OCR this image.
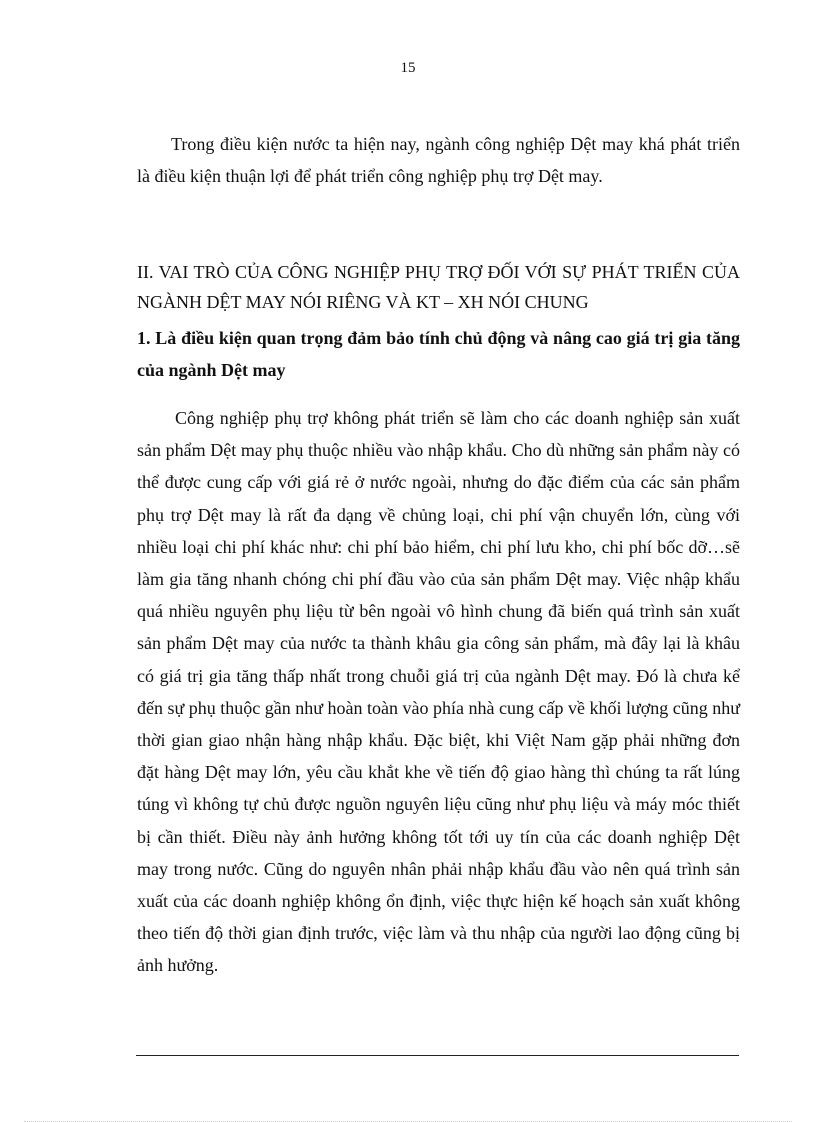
15

Trong điều kiện nước ta hiện nay, ngành công nghiệp Dệt may khá phát triển là điều kiện thuận lợi để phát triển công nghiệp phụ trợ Dệt may.

II. VAI TRÒ CỦA CÔNG NGHIỆP PHỤ TRỢ ĐỐI VỚI SỰ PHÁT TRIỂN CỦA NGÀNH DỆT MAY NÓI RIÊNG VÀ KT – XH NÓI CHUNG

1. Là điều kiện quan trọng đảm bảo tính chủ động và nâng cao giá trị gia tăng của ngành Dệt may

Công nghiệp phụ trợ không phát triển sẽ làm cho các doanh nghiệp sản xuất sản phẩm Dệt may phụ thuộc nhiều vào nhập khẩu. Cho dù những sản phẩm này có thể được cung cấp với giá rẻ ở nước ngoài, nhưng do đặc điểm của các sản phẩm phụ trợ Dệt may là rất đa dạng về chủng loại, chi phí vận chuyển lớn, cùng với nhiều loại chi phí khác như: chi phí bảo hiểm, chi phí lưu kho, chi phí bốc dỡ…sẽ làm gia tăng nhanh chóng chi phí đầu vào của sản phẩm Dệt may. Việc nhập khẩu quá nhiều nguyên phụ liệu từ bên ngoài vô hình chung đã biến quá trình sản xuất sản phẩm Dệt may của nước ta thành khâu gia công sản phẩm, mà đây lại là khâu có giá trị gia tăng thấp nhất trong chuỗi giá trị của ngành Dệt may. Đó là chưa kể đến sự phụ thuộc gần như hoàn toàn vào phía nhà cung cấp về khối lượng cũng như thời gian giao nhận hàng nhập khẩu. Đặc biệt, khi Việt Nam gặp phải những đơn đặt hàng Dệt may lớn, yêu cầu khắt khe về tiến độ giao hàng thì chúng ta rất lúng túng vì không tự chủ được nguồn nguyên liệu cũng như phụ liệu và máy móc thiết bị cần thiết. Điều này ảnh hưởng không tốt tới uy tín của các doanh nghiệp Dệt may trong nước. Cũng do nguyên nhân phải nhập khẩu đầu vào nên quá trình sản xuất của các doanh nghiệp không ổn định, việc thực hiện kế hoạch sản xuất không theo tiến độ thời gian định trước, việc làm và thu nhập của người lao động cũng bị ảnh hưởng.
